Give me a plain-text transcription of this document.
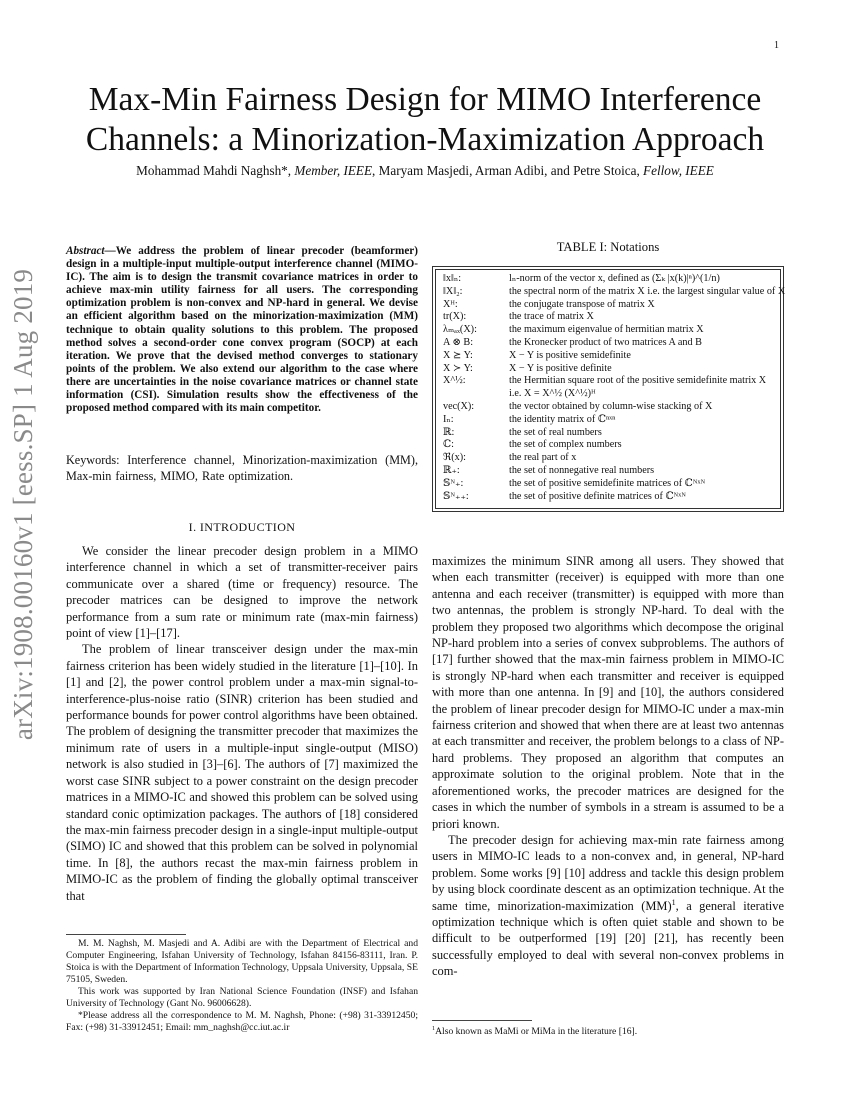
1
arXiv:1908.00160v1 [eess.SP] 1 Aug 2019
Max-Min Fairness Design for MIMO Interference
Channels: a Minorization-Maximization Approach
Mohammad Mahdi Naghsh*, Member, IEEE, Maryam Masjedi, Arman Adibi, and Petre Stoica, Fellow, IEEE
Abstract—We address the problem of linear precoder (beamformer) design in a multiple-input multiple-output interference channel (MIMO-IC). The aim is to design the transmit covariance matrices in order to achieve max-min utility fairness for all users. The corresponding optimization problem is non-convex and NP-hard in general. We devise an efficient algorithm based on the minorization-maximization (MM) technique to obtain quality solutions to this problem. The proposed method solves a second-order cone convex program (SOCP) at each iteration. We prove that the devised method converges to stationary points of the problem. We also extend our algorithm to the case where there are uncertainties in the noise covariance matrices or channel state information (CSI). Simulation results show the effectiveness of the proposed method compared with its main competitor.
Keywords: Interference channel, Minorization-maximization (MM), Max-min fairness, MIMO, Rate optimization.
I. INTRODUCTION

We consider the linear precoder design problem in a MIMO interference channel in which a set of transmitter-receiver pairs communicate over a shared (time or frequency) resource. The precoder matrices can be designed to improve the network performance from a sum rate or minimum rate (max-min fairness) point of view [1]–[17].

The problem of linear transceiver design under the max-min fairness criterion has been widely studied in the literature [1]–[10]. In [1] and [2], the power control problem under a max-min signal-to-interference-plus-noise ratio (SINR) criterion has been studied and performance bounds for power control algorithms have been obtained. The problem of designing the transmitter precoder that maximizes the minimum rate of users in a multiple-input single-output (MISO) network is also studied in [3]–[6]. The authors of [7] maximized the worst case SINR subject to a power constraint on the design precoder matrices in a MIMO-IC and showed this problem can be solved using standard conic optimization packages. The authors of [18] considered the max-min fairness precoder design in a single-input multiple-output (SIMO) IC and showed that this problem can be solved in polynomial time. In [8], the authors recast the max-min fairness problem in MIMO-IC as the problem of finding the globally optimal transceiver that

TABLE I: Notations
‖x‖ₙ:	lₙ-norm of the vector x, defined as (Σₖ |x(k)|ⁿ)^(1/n)
‖X‖₂:	the spectral norm of the matrix X i.e. the largest singular value of X
Xᴴ:	the conjugate transpose of matrix X
tr(X):	the trace of matrix X
λₘₐₓ(X):	the maximum eigenvalue of hermitian matrix X
A ⊗ B:	the Kronecker product of two matrices A and B
X ⪰ Y:	X − Y is positive semidefinite
X ≻ Y:	X − Y is positive definite
X^½:	the Hermitian square root of the positive semidefinite matrix X
i.e. X = X^½ (X^½)ᴴ
vec(X):	the vector obtained by column-wise stacking of X
Iₙ:	the identity matrix of ℂⁿˣⁿ
ℝ:	the set of real numbers
ℂ:	the set of complex numbers
ℜ(x):	the real part of x
ℝ₊:	the set of nonnegative real numbers
𝕊ᴺ₊:	the set of positive semidefinite matrices of ℂᴺˣᴺ
𝕊ᴺ₊₊:	the set of positive definite matrices of ℂᴺˣᴺ

maximizes the minimum SINR among all users. They showed that when each transmitter (receiver) is equipped with more than one antenna and each receiver (transmitter) is equipped with more than two antennas, the problem is strongly NP-hard. To deal with the problem they proposed two algorithms which decompose the original NP-hard problem into a series of convex subproblems. The authors of [17] further showed that the max-min fairness problem in MIMO-IC is strongly NP-hard when each transmitter and receiver is equipped with more than one antenna. In [9] and [10], the authors considered the problem of linear precoder design for MIMO-IC under a max-min fairness criterion and showed that when there are at least two antennas at each transmitter and receiver, the problem belongs to a class of NP-hard problems. They proposed an algorithm that computes an approximate solution to the original problem. Note that in the aforementioned works, the precoder matrices are designed for the cases in which the number of symbols in a stream is assumed to be a priori known.

The precoder design for achieving max-min rate fairness among users in MIMO-IC leads to a non-convex and, in general, NP-hard problem. Some works [9] [10] address and tackle this design problem by using block coordinate descent as an optimization technique. At the same time, minorization-maximization (MM)$^1$, a general iterative optimization technique which is often quiet stable and shown to be difficult to be outperformed [19] [20] [21], has recently been successfully employed to deal with several non-convex problems in com-

M. M. Naghsh, M. Masjedi and A. Adibi are with the Department of Electrical and Computer Engineering, Isfahan University of Technology, Isfahan 84156-83111, Iran. P. Stoica is with the Department of Information Technology, Uppsala University, Uppsala, SE 75105, Sweden.

This work was supported by Iran National Science Foundation (INSF) and Isfahan University of Technology (Gant No. 96006628).

*Please address all the correspondence to M. M. Naghsh, Phone: (+98) 31-33912450; Fax: (+98) 31-33912451; Email: mm_naghsh@cc.iut.ac.ir	$^1$Also known as MaMi or MiMa in the literature [16].
